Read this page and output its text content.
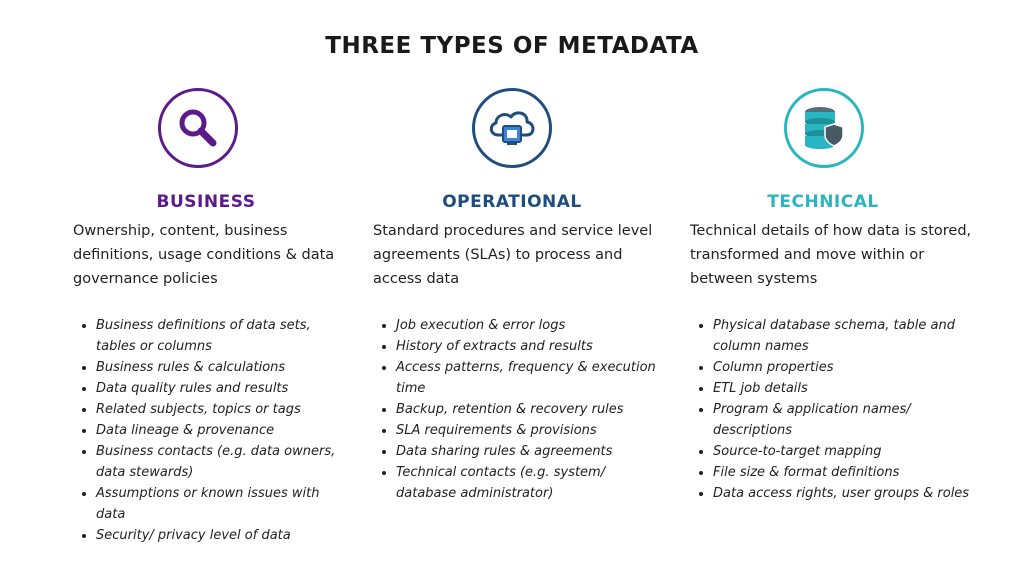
THREE TYPES OF METADATA
BUSINESS

Ownership, content, business definitions, usage conditions & data governance policies

Business definitions of data sets, tables or columns
Business rules & calculations
Data quality rules and results
Related subjects, topics or tags
Data lineage & provenance
Business contacts (e.g. data owners, data stewards)
Assumptions or known issues with data
Security/ privacy level of data
OPERATIONAL

Standard procedures and service level agreements (SLAs) to process and access data

Job execution & error logs
History of extracts and results
Access patterns, frequency & execution time
Backup, retention & recovery rules
SLA requirements & provisions
Data sharing rules & agreements
Technical contacts (e.g. system/ database administrator)
TECHNICAL

Technical details of how data is stored, transformed and move within or between systems

Physical database schema, table and column names
Column properties
ETL job details
Program & application names/ descriptions
Source-to-target mapping
File size & format definitions
Data access rights, user groups & roles
